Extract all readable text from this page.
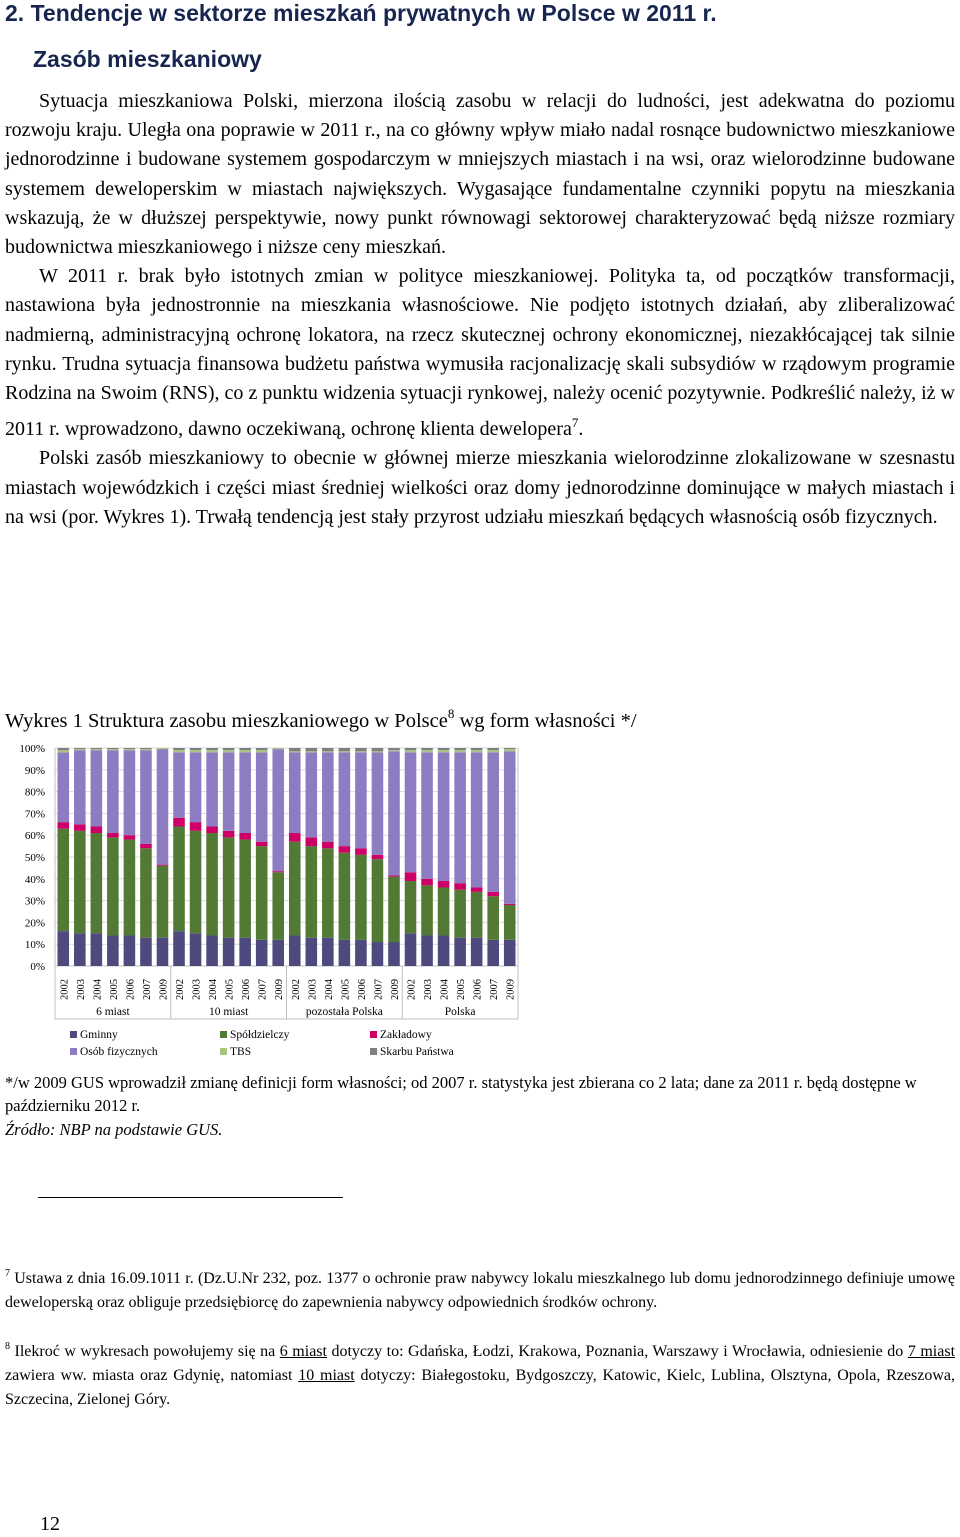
2. Tendencje w sektorze mieszkań prywatnych w Polsce w 2011 r.
Zasób mieszkaniowy

Sytuacja mieszkaniowa Polski, mierzona ilością zasobu w relacji do ludności, jest adekwatna do poziomu rozwoju kraju. Uległa ona poprawie w 2011 r., na co główny wpływ miało nadal rosnące budownictwo mieszkaniowe jednorodzinne i budowane systemem gospodarczym w mniejszych miastach i na wsi, oraz wielorodzinne budowane systemem deweloperskim w miastach największych. Wygasające fundamentalne czynniki popytu na mieszkania wskazują, że w dłuższej perspektywie, nowy punkt równowagi sektorowej charakteryzować będą niższe rozmiary budownictwa mieszkaniowego i niższe ceny mieszkań.

W 2011 r. brak było istotnych zmian w polityce mieszkaniowej. Polityka ta, od początków transformacji, nastawiona była jednostronnie na mieszkania własnościowe. Nie podjęto istotnych działań, aby zliberalizować nadmierną, administracyjną ochronę lokatora, na rzecz skutecznej ochrony ekonomicznej, niezakłócającej tak silnie rynku. Trudna sytuacja finansowa budżetu państwa wymusiła racjonalizację skali subsydiów w rządowym programie Rodzina na Swoim (RNS), co z punktu widzenia sytuacji rynkowej, należy ocenić pozytywnie. Podkreślić należy, iż w 2011 r. wprowadzono, dawno oczekiwaną, ochronę klienta dewelopera$^7$.

Polski zasób mieszkaniowy to obecnie w głównej mierze mieszkania wielorodzinne zlokalizowane w szesnastu miastach wojewódzkich i części miast średniej wielkości oraz domy jednorodzinne dominujące w małych miastach i na wsi (por. Wykres 1). Trwałą tendencją jest stały przyrost udziału mieszkań będących własnością osób fizycznych.

Wykres 1 Struktura zasobu mieszkaniowego w Polsce$^8$ wg form własności */
0%
10%
20%
30%
40%
50%
60%
70%
80%
90%
100%
2002 2003 2004 2005 2006 2007 2009 2002 2003 2004 2005 2006 2007 2009 2002 2003 2004 2005 2006 2007 2009 2002 2003 2004 2005 2006 2007 2009
6 miast	10 miast	pozostała Polska	Polska
Gminny	Spółdzielczy	Zakładowy
Osób fizycznych	TBS	Skarbu Państwa
*/w 2009 GUS wprowadził zmianę definicji form własności; od 2007 r. statystyka jest zbierana co 2 lata; dane za 2011 r. będą dostępne w październiku 2012 r.
Źródło: NBP na podstawie GUS.
$^7$ Ustawa z dnia 16.09.1011 r. (Dz.U.Nr 232, poz. 1377 o ochronie praw nabywcy lokalu mieszkalnego lub domu jednorodzinnego definiuje umowę deweloperską oraz obliguje przedsiębiorcę do zapewnienia nabywcy odpowiednich środków ochrony.
$^8$ Ilekroć w wykresach powołujemy się na 6 miast dotyczy to: Gdańska, Łodzi, Krakowa, Poznania, Warszawy i Wrocławia, odniesienie do 7 miast zawiera ww. miasta oraz Gdynię, natomiast 10 miast dotyczy: Białegostoku, Bydgoszczy, Katowic, Kielc, Lublina, Olsztyna, Opola, Rzeszowa, Szczecina, Zielonej Góry.
12
